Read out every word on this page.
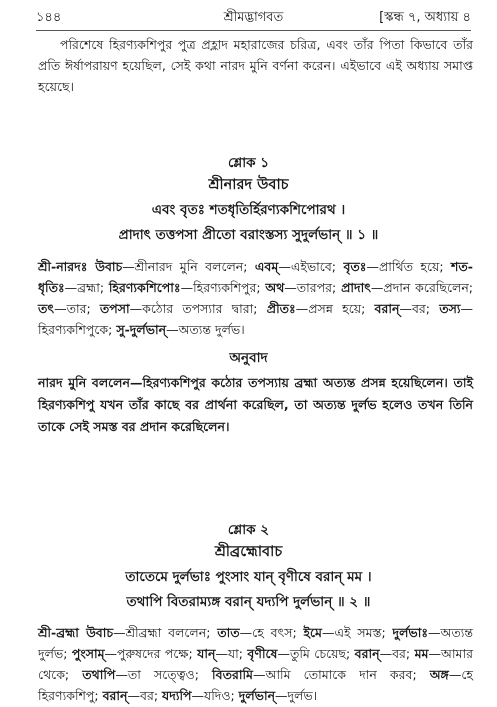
১৪৪	শ্রীমদ্ভাগবত	[স্কন্ধ ৭, অধ্যায় ৪

পরিশেষে হিরণ্যকশিপুর পুত্র প্রহ্লাদ মহারাজের চরিত্র, এবং তাঁর পিতা কিভাবে তাঁর প্রতি ঈর্ষাপরায়ণ হয়েছিল, সেই কথা নারদ মুনি বর্ণনা করেন। এইভাবে এই অধ্যায় সমাপ্ত হয়েছে।

শ্লোক ১
শ্রীনারদ উবাচ
এবং বৃতঃ শতধৃতির্হিরণ্যকশিপোরথ ।
প্রাদাৎ তত্তপসা প্রীতো বরাংস্তস্য সুদুর্লভান্ ॥ ১ ॥

শ্রী-নারদঃ উবাচ—শ্রীনারদ মুনি বললেন; এবম্—এইভাবে; বৃতঃ—প্রার্থিত হয়ে; শত-ধৃতিঃ—ব্রহ্মা; হিরণ্যকশিপোঃ—হিরণ্যকশিপুর; অথ—তারপর; প্রাদাৎ—প্রদান করেছিলেন; তৎ—তার; তপসা—কঠোর তপস্যার দ্বারা; প্রীতঃ—প্রসন্ন হয়ে; বরান্—বর; তস্য—হিরণ্যকশিপুকে; সু-দুর্লভান্—অত্যন্ত দুর্লভ।

অনুবাদ

নারদ মুনি বললেন—হিরণ্যকশিপুর কঠোর তপস্যায় ব্রহ্মা অত্যন্ত প্রসন্ন হয়েছিলেন। তাই হিরণ্যকশিপু যখন তাঁর কাছে বর প্রার্থনা করেছিল, তা অত্যন্ত দুর্লভ হলেও তখন তিনি তাকে সেই সমস্ত বর প্রদান করেছিলেন।

শ্লোক ২
শ্রীব্রহ্মোবাচ
তাতেমে দুর্লভাঃ পুংসাং যান্ বৃণীষে বরান্ মম ।
তথাপি বিতরাম্যঙ্গ বরান্ যদ্যপি দুর্লভান্ ॥ ২ ॥

শ্রী-ব্রহ্মা উবাচ—শ্রীব্রহ্মা বললেন; তাত—হে বৎস; ইমে—এই সমস্ত; দুর্লভাঃ—অত্যন্ত দুর্লভ; পুংসাম্—পুরুষদের পক্ষে; যান্—যা; বৃণীষে—তুমি চেয়েছ; বরান্—বর; মম—আমার থেকে; তথাপি—তা সত্ত্বেও; বিতরামি—আমি তোমাকে দান করব; অঙ্গ—হে হিরণ্যকশিপু; বরান্—বর; যদ্যপি—যদিও; দুর্লভান্—দুর্লভ।
